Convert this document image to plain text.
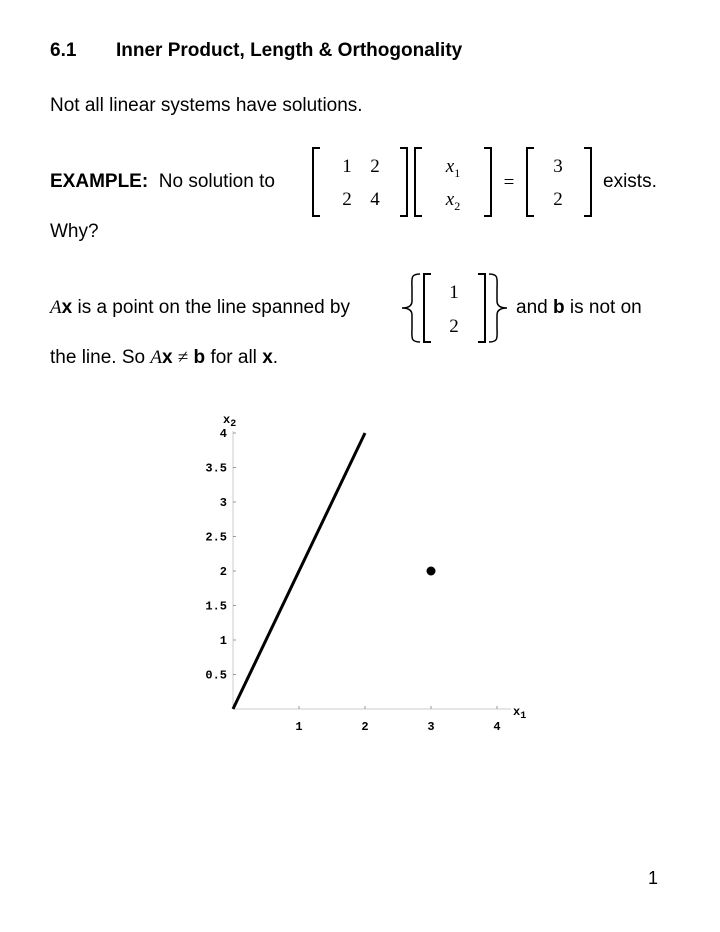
6.1 Inner Product, Length & Orthogonality
Not all linear systems have solutions.
EXAMPLE: No solution to
1 2
2 4
$x_1$
$x_2$
=
3
2
exists.
Why?
Ax is a point on the line spanned by
1
2
and b is not on
the line. So Ax ≠ b for all x.
1	2	3	4
0.5
1
1.5
2
2.5
3
3.5
4
$x_1$
$x_2$
1
